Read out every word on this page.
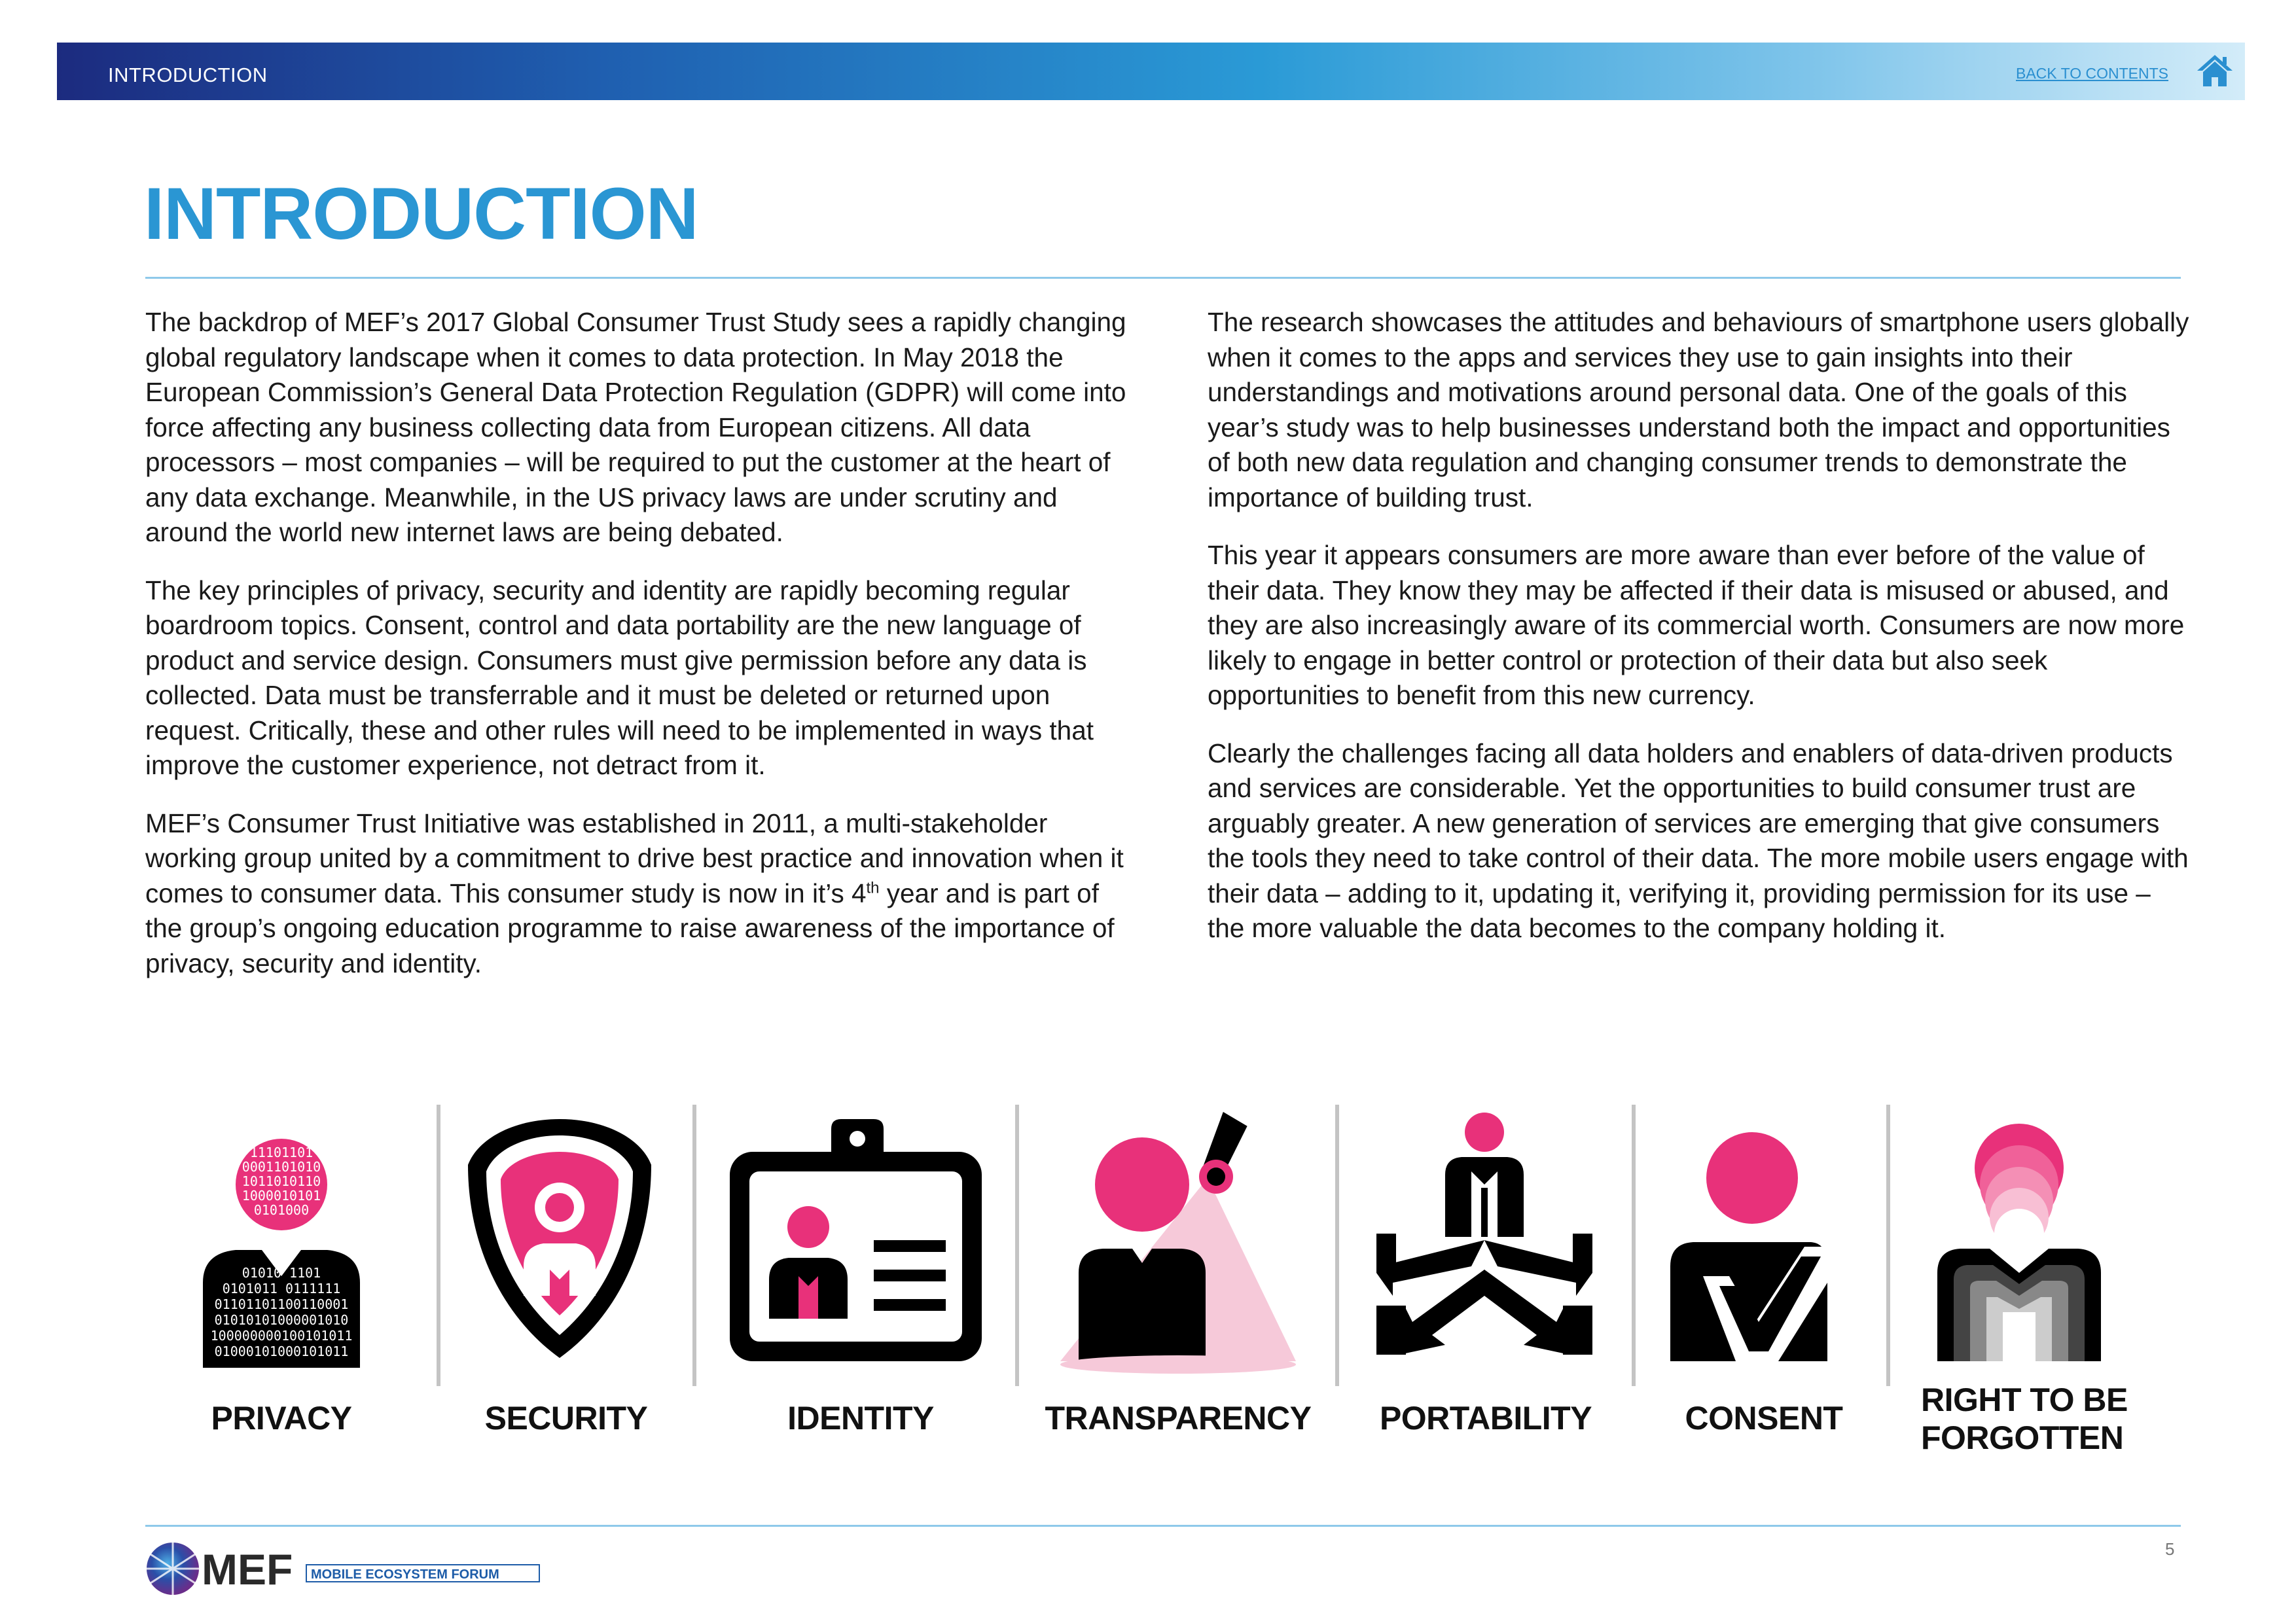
INTRODUCTION	BACK TO CONTENTS
INTRODUCTION

The backdrop of MEF’s 2017 Global Consumer Trust Study sees a rapidly changing global regulatory landscape when it comes to data protection. In May 2018 the European Commission’s General Data Protection Regulation (GDPR) will come into force affecting any business collecting data from European citizens. All data processors – most companies – will be required to put the customer at the heart of any data exchange. Meanwhile, in the US privacy laws are under scrutiny and around the world new internet laws are being debated.

The key principles of privacy, security and identity are rapidly becoming regular boardroom topics. Consent, control and data portability are the new language of product and service design. Consumers must give permission before any data is collected. Data must be transferrable and it must be deleted or returned upon request. Critically, these and other rules will need to be implemented in ways that improve the customer experience, not detract from it.

MEF’s Consumer Trust Initiative was established in 2011, a multi-stakeholder working group united by a commitment to drive best practice and innovation when it comes to consumer data. This consumer study is now in it’s 4th year and is part of the group’s ongoing education programme to raise awareness of the importance of privacy, security and identity.

The research showcases the attitudes and behaviours of smartphone users globally when it comes to the apps and services they use to gain insights into their understandings and motivations around personal data. One of the goals of this year’s study was to help businesses understand both the impact and opportunities of both new data regulation and changing consumer trends to demonstrate the importance of building trust.

This year it appears consumers are more aware than ever before of the value of their data. They know they may be affected if their data is misused or abused, and they are also increasingly aware of its commercial worth. Consumers are now more likely to engage in better control or protection of their data but also seek opportunities to benefit from this new currency.

Clearly the challenges facing all data holders and enablers of data-driven products and services are considerable. Yet the opportunities to build consumer trust are arguably greater. A new generation of services are emerging that give consumers the tools they need to take control of their data. The more mobile users engage with their data – adding to it, updating it, verifying it, providing permission for its use – the more valuable the data becomes to the company holding it.

11101101
0001101010
1011010110
1000010101
0101000
01010 1101
0101011 0111111
01101101100110001
01010101000001010
100000000100101011
01000101000101011
PRIVACY	SECURITY	IDENTITY	TRANSPARENCY	PORTABILITY	CONSENT	RIGHT TO BE
FORGOTTEN
MEF MOBILE ECOSYSTEM FORUM
5
